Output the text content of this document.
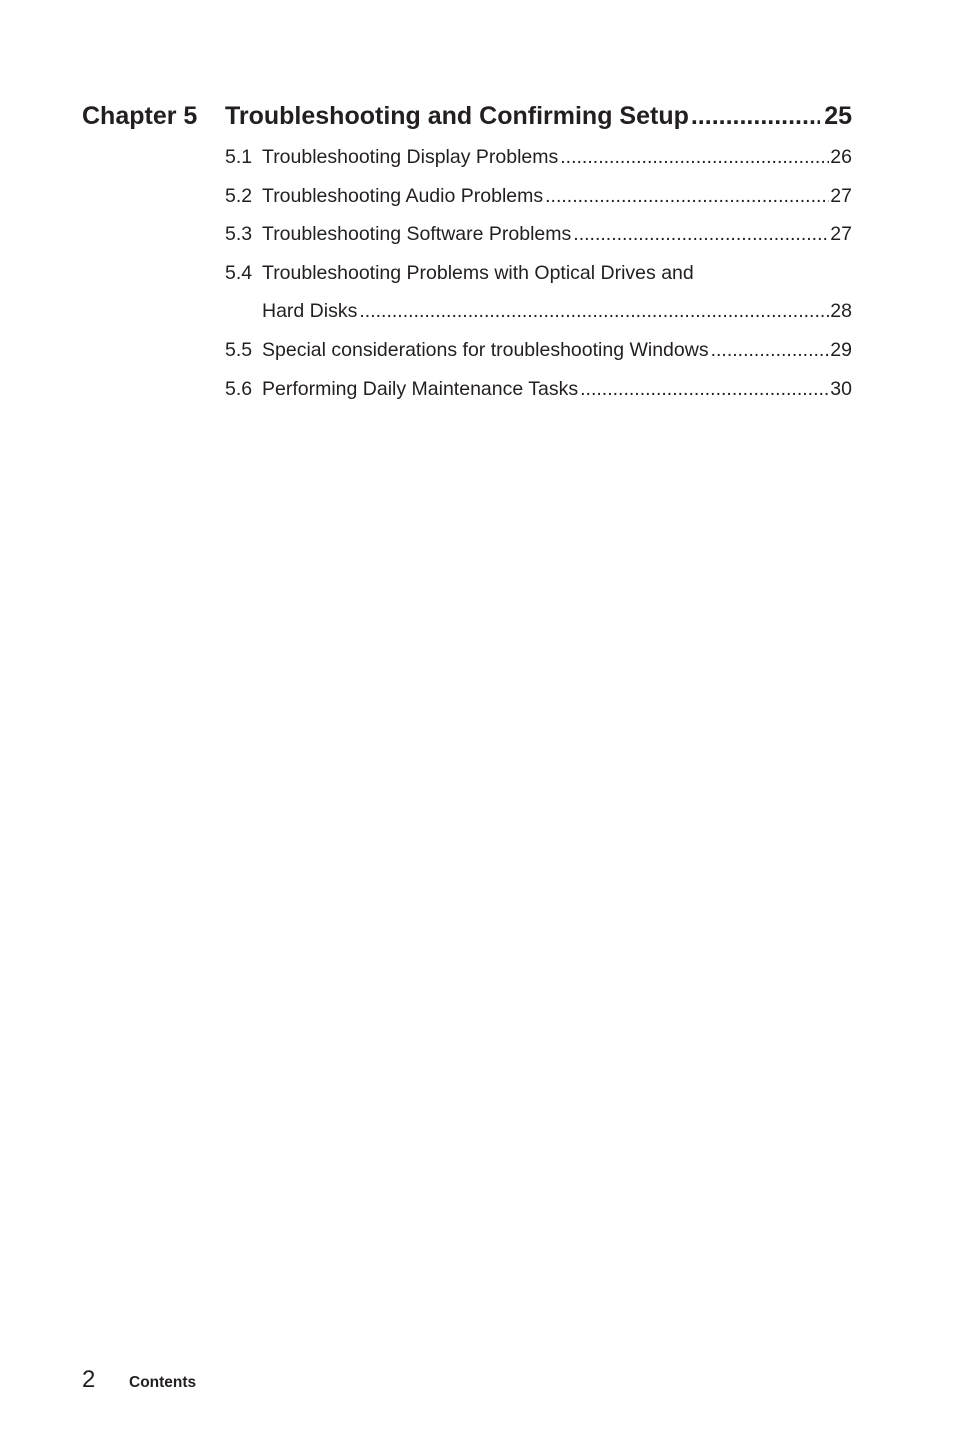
Chapter 5	Troubleshooting and Confirming Setup .....	25
5.1 Troubleshooting Display Problems .....	26
5.2 Troubleshooting Audio Problems .....	27
5.3 Troubleshooting Software Problems .....	27
5.4 Troubleshooting Problems with Optical Drives and
Hard Disks .....	28
5.5 Special considerations for troubleshooting Windows .....	29
5.6 Performing Daily Maintenance Tasks .....	30
2	Contents
